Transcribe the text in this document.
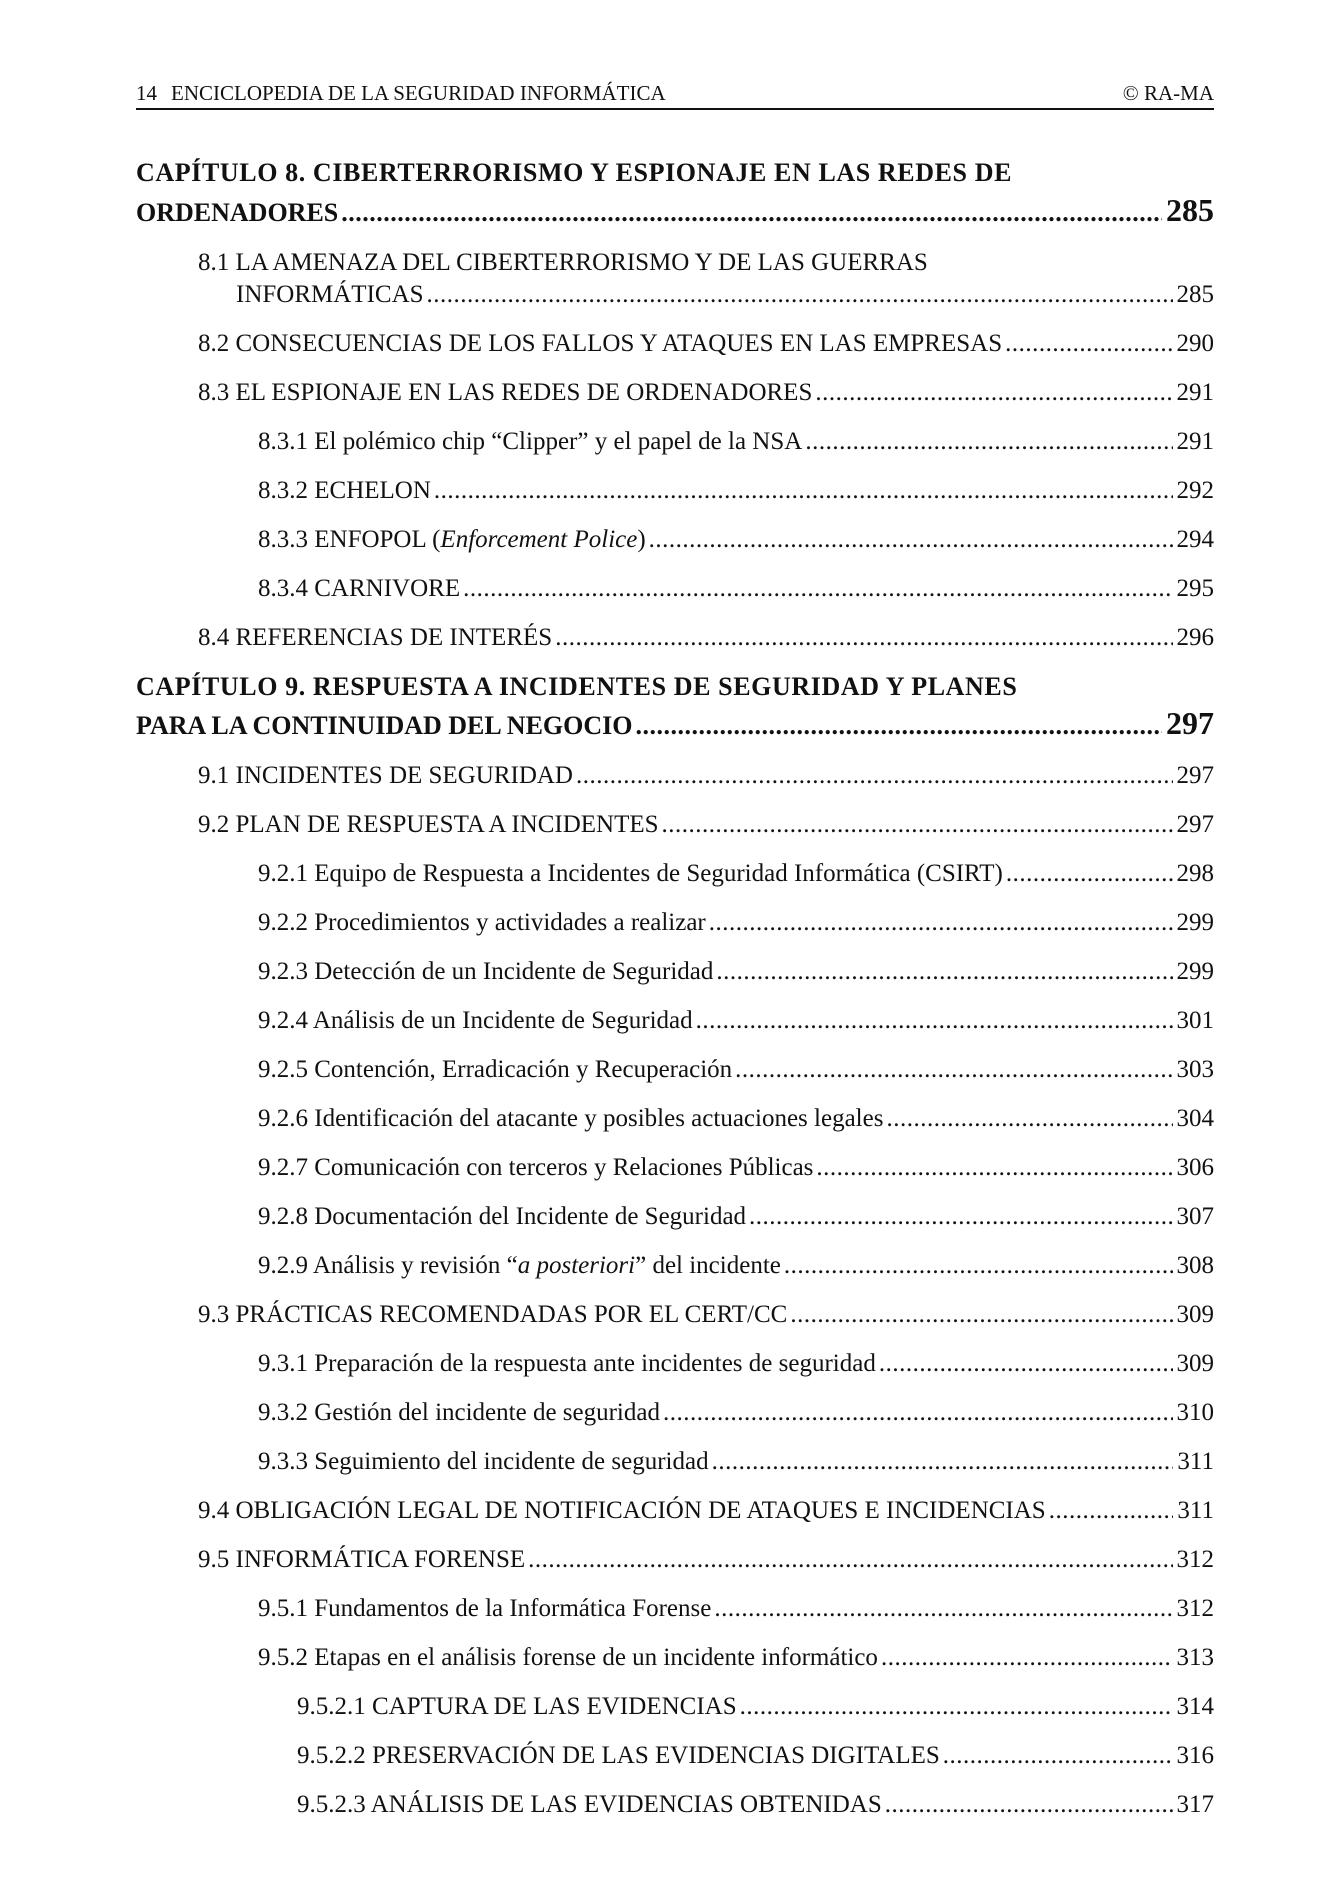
14 ENCICLOPEDIA DE LA SEGURIDAD INFORMÁTICA	© RA-MA
CAPÍTULO 8. CIBERTERRORISMO Y ESPIONAJE EN LAS REDES DE
ORDENADORES .....	285
8.1 LA AMENAZA DEL CIBERTERRORISMO Y DE LAS GUERRAS
INFORMÁTICAS .....	285
8.2 CONSECUENCIAS DE LOS FALLOS Y ATAQUES EN LAS EMPRESAS .....	290
8.3 EL ESPIONAJE EN LAS REDES DE ORDENADORES .....	291
8.3.1 El polémico chip “Clipper” y el papel de la NSA .....	291
8.3.2 ECHELON .....	292
8.3.3 ENFOPOL (Enforcement Police) .....	294
8.3.4 CARNIVORE .....	295
8.4 REFERENCIAS DE INTERÉS .....	296
CAPÍTULO 9. RESPUESTA A INCIDENTES DE SEGURIDAD Y PLANES
PARA LA CONTINUIDAD DEL NEGOCIO .....	297
9.1 INCIDENTES DE SEGURIDAD .....	297
9.2 PLAN DE RESPUESTA A INCIDENTES .....	297
9.2.1 Equipo de Respuesta a Incidentes de Seguridad Informática (CSIRT) .....	298
9.2.2 Procedimientos y actividades a realizar .....	299
9.2.3 Detección de un Incidente de Seguridad .....	299
9.2.4 Análisis de un Incidente de Seguridad .....	301
9.2.5 Contención, Erradicación y Recuperación .....	303
9.2.6 Identificación del atacante y posibles actuaciones legales .....	304
9.2.7 Comunicación con terceros y Relaciones Públicas .....	306
9.2.8 Documentación del Incidente de Seguridad .....	307
9.2.9 Análisis y revisión “a posteriori” del incidente .....	308
9.3 PRÁCTICAS RECOMENDADAS POR EL CERT/CC .....	309
9.3.1 Preparación de la respuesta ante incidentes de seguridad .....	309
9.3.2 Gestión del incidente de seguridad .....	310
9.3.3 Seguimiento del incidente de seguridad .....	311
9.4 OBLIGACIÓN LEGAL DE NOTIFICACIÓN DE ATAQUES E INCIDENCIAS .....	311
9.5 INFORMÁTICA FORENSE .....	312
9.5.1 Fundamentos de la Informática Forense .....	312
9.5.2 Etapas en el análisis forense de un incidente informático .....	313
9.5.2.1 CAPTURA DE LAS EVIDENCIAS .....	314
9.5.2.2 PRESERVACIÓN DE LAS EVIDENCIAS DIGITALES .....	316
9.5.2.3 ANÁLISIS DE LAS EVIDENCIAS OBTENIDAS .....	317
